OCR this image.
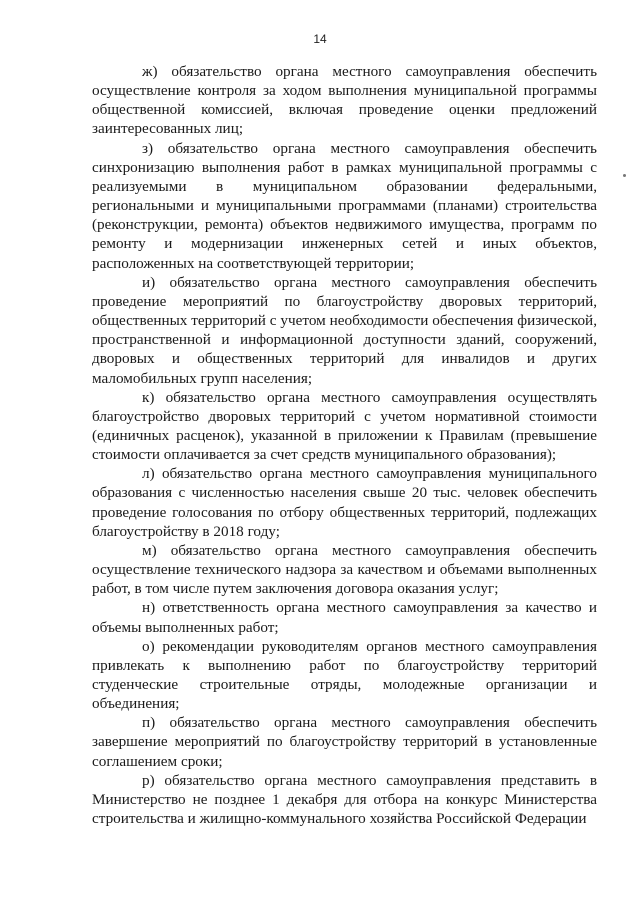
14

ж) обязательство органа местного самоуправления обеспечить осуществление контроля за ходом выполнения муниципальной программы общественной комиссией, включая проведение оценки предложений заинтересованных лиц;

з) обязательство органа местного самоуправления обеспечить синхронизацию выполнения работ в рамках муниципальной программы с реализуемыми в муниципальном образовании федеральными, региональными и муниципальными программами (планами) строительства (реконструкции, ремонта) объектов недвижимого имущества, программ по ремонту и модернизации инженерных сетей и иных объектов, расположенных на соответствующей территории;

и) обязательство органа местного самоуправления обеспечить проведение мероприятий по благоустройству дворовых территорий, общественных территорий с учетом необходимости обеспечения физической, пространственной и информационной доступности зданий, сооружений, дворовых и общественных территорий для инвалидов и других маломобильных групп населения;

к) обязательство органа местного самоуправления осуществлять благоустройство дворовых территорий с учетом нормативной стоимости (единичных расценок), указанной в приложении к Правилам (превышение стоимости оплачивается за счет средств муниципального образования);

л) обязательство органа местного самоуправления муниципального образования с численностью населения свыше 20 тыс. человек обеспечить проведение голосования по отбору общественных территорий, подлежащих благоустройству в 2018 году;

м) обязательство органа местного самоуправления обеспечить осуществление технического надзора за качеством и объемами выполненных работ, в том числе путем заключения договора оказания услуг;

н) ответственность органа местного самоуправления за качество и объемы выполненных работ;

о) рекомендации руководителям органов местного самоуправления привлекать к выполнению работ по благоустройству территорий студенческие строительные отряды, молодежные организации и объединения;

п) обязательство органа местного самоуправления обеспечить завершение мероприятий по благоустройству территорий в установленные соглашением сроки;

р) обязательство органа местного самоуправления представить в Министерство не позднее 1 декабря для отбора на конкурс Министерства строительства и жилищно-коммунального хозяйства Российской Федерации
